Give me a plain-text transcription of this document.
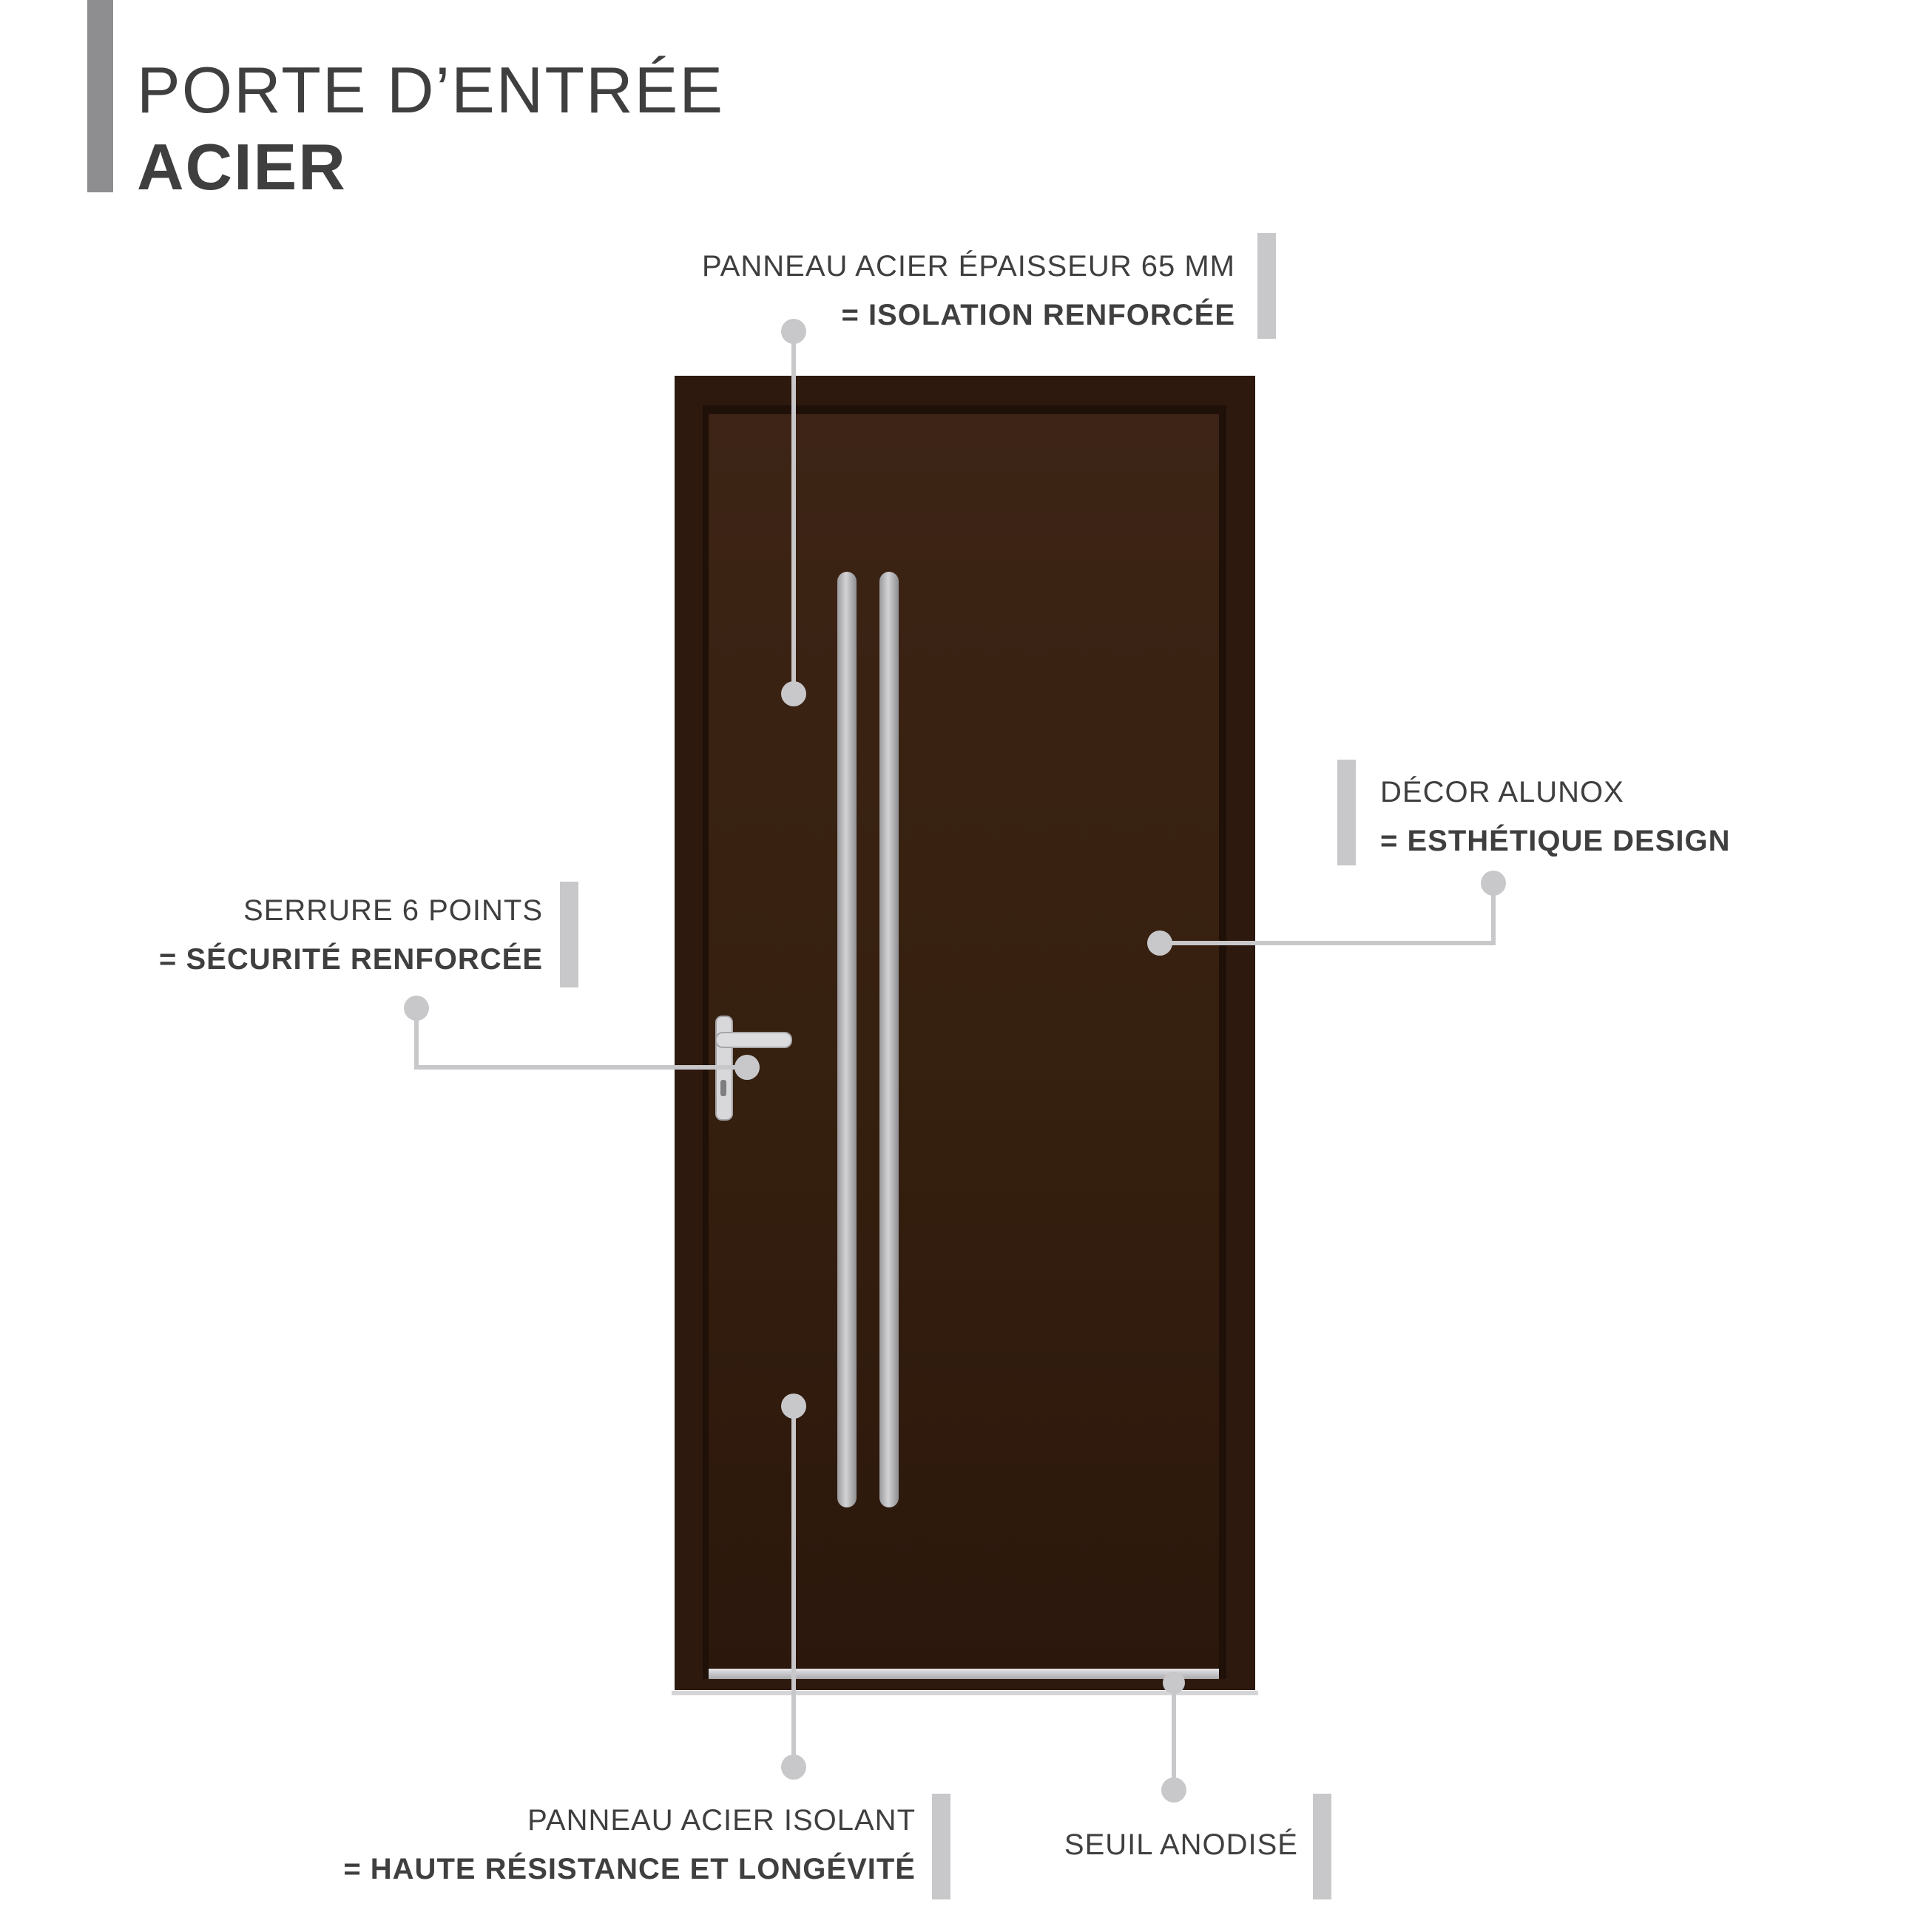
PORTE D’ENTRÉE
ACIER
PANNEAU ACIER ÉPAISSEUR 65 MM
= ISOLATION RENFORCÉE
DÉCOR ALUNOX
= ESTHÉTIQUE DESIGN
SERRURE 6 POINTS
= SÉCURITÉ RENFORCÉE
PANNEAU ACIER ISOLANT
= HAUTE RÉSISTANCE ET LONGÉVITÉ
SEUIL ANODISÉ
